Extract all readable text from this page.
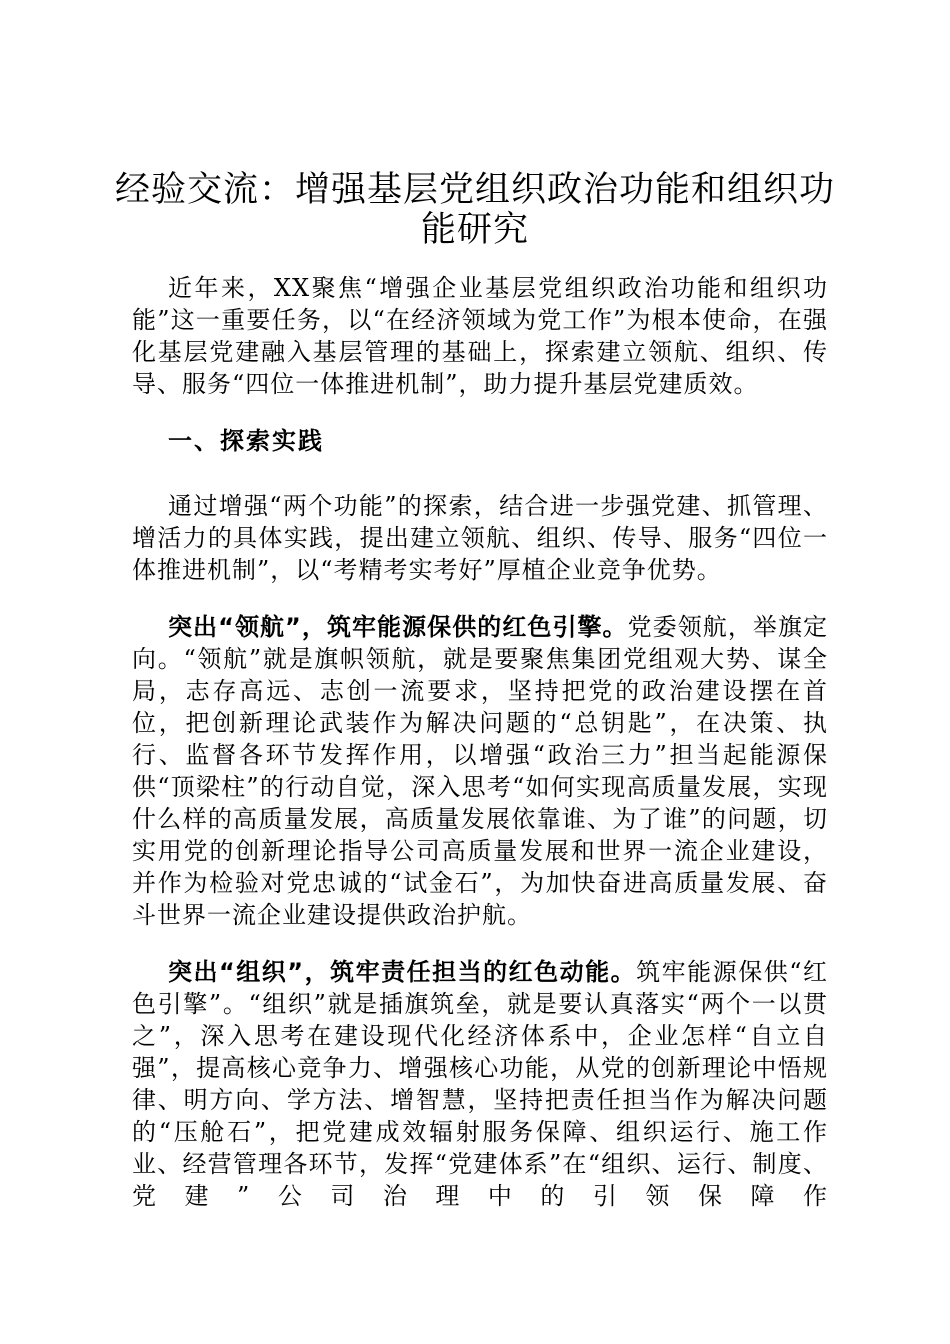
经验交流：增强基层党组织政治功能和组织功能研究

近年来，XX聚焦“增强企业基层党组织政治功能和组织功能”这一重要任务，以“在经济领域为党工作”为根本使命，在强化基层党建融入基层管理的基础上，探索建立领航、组织、传导、服务“四位一体推进机制”，助力提升基层党建质效。

一、探索实践

通过增强“两个功能”的探索，结合进一步强党建、抓管理、增活力的具体实践，提出建立领航、组织、传导、服务“四位一体推进机制”，以“考精考实考好”厚植企业竞争优势。

突出“领航”，筑牢能源保供的红色引擎。党委领航，举旗定向。“领航”就是旗帜领航，就是要聚焦集团党组观大势、谋全局，志存高远、志创一流要求，坚持把党的政治建设摆在首位，把创新理论武装作为解决问题的“总钥匙”，在决策、执行、监督各环节发挥作用，以增强“政治三力”担当起能源保供“顶梁柱”的行动自觉，深入思考“如何实现高质量发展，实现什么样的高质量发展，高质量发展依靠谁、为了谁”的问题，切实用党的创新理论指导公司高质量发展和世界一流企业建设，并作为检验对党忠诚的“试金石”，为加快奋进高质量发展、奋斗世界一流企业建设提供政治护航。

突出“组织”，筑牢责任担当的红色动能。筑牢能源保供“红色引擎”。“组织”就是插旗筑垒，就是要认真落实“两个一以贯之”，深入思考在建设现代化经济体系中，企业怎样“自立自强”，提高核心竞争力、增强核心功能，从党的创新理论中悟规律、明方向、学方法、增智慧，坚持把责任担当作为解决问题的“压舱石”，把党建成效辐射服务保障、组织运行、施工作业、经营管理各环节，发挥“党建体系”在“组织、运行、制度、党建”公司治理中的引领保障作
